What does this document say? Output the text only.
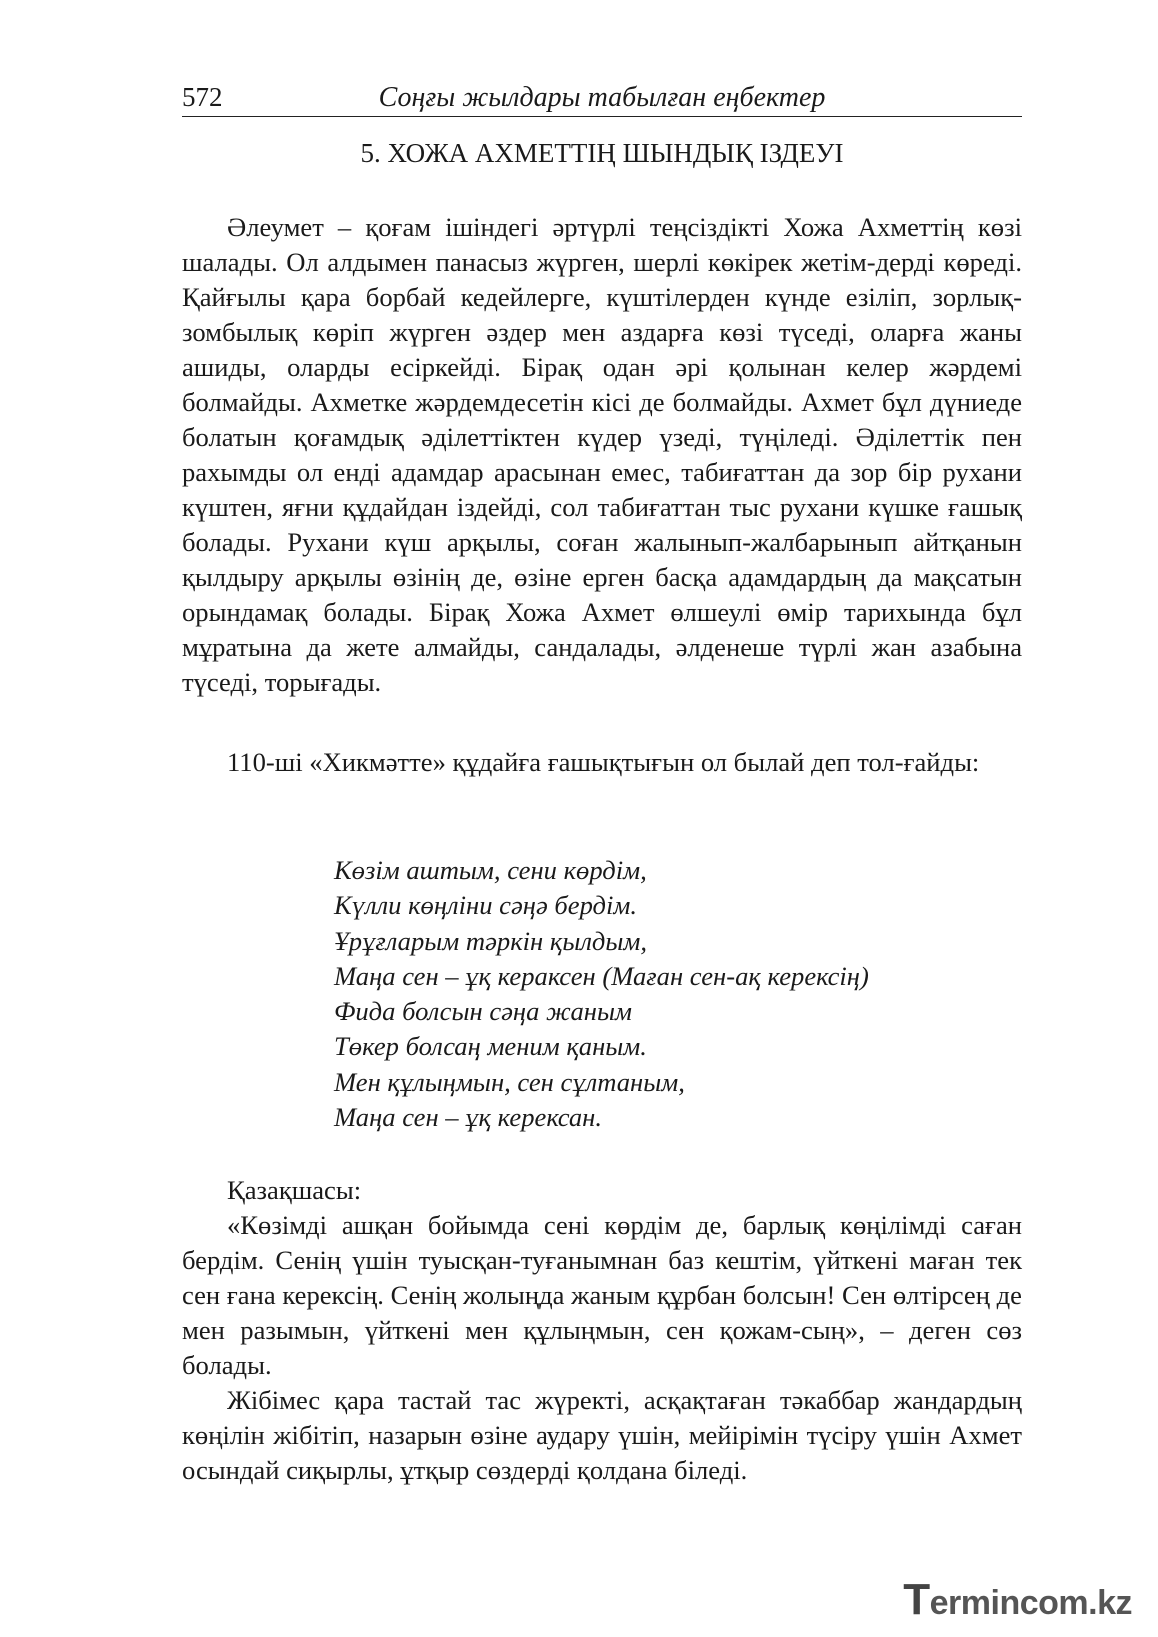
572	Соңғы жылдары табылған еңбектер
5. ХОЖА АХМЕТТІҢ ШЫНДЫҚ ІЗДЕУІ

Әлеумет – қоғам ішіндегі әртүрлі теңсіздікті Хожа Ахметтің көзі шалады. Ол алдымен панасыз жүрген, шерлі көкірек жетім-дерді көреді. Қайғылы қара борбай кедейлерге, күштілерден күнде езіліп, зорлық-зомбылық көріп жүрген әздер мен аздарға көзі түседі, оларға жаны ашиды, оларды есіркейді. Бірақ одан әрі қолынан келер жәрдемі болмайды. Ахметке жәрдемдесетін кісі де болмайды. Ахмет бұл дүниеде болатын қоғамдық әділеттіктен күдер үзеді, түңіледі. Әділеттік пен рахымды ол енді адамдар арасынан емес, табиғаттан да зор бір рухани күштен, яғни құдайдан іздейді, сол табиғаттан тыс рухани күшке ғашық болады. Рухани күш арқылы, соған жалынып-жалбарынып айтқанын қылдыру арқылы өзінің де, өзіне ерген басқа адамдардың да мақсатын орындамақ болады. Бірақ Хожа Ахмет өлшеулі өмір тарихында бұл мұратына да жете алмайды, сандалады, әлденеше түрлі жан азабына түседі, торығады.

110-ші «Хикмәтте» құдайға ғашықтығын ол былай деп тол-ғайды:

Көзім аштым, сени көрдім,
Күлли көңліни сәңә бердім.
Ұрұғларым тәркін қылдым,
Маңа сен – ұқ кераксен (Маған сен-ақ керексің)
Фида болсын сәңа жаным
Төкер болсаң меним қаным.
Мен құлыңмын, сен сұлтаным,
Маңа сен – ұқ керексан.

Қазақшасы:

«Көзімді ашқан бойымда сені көрдім де, барлық көңілімді саған бердім. Сенің үшін туысқан-туғанымнан баз кештім, үйткені маған тек сен ғана керексің. Сенің жолыңда жаным құрбан болсын! Сен өлтірсең де мен разымын, үйткені мен құлыңмын, сен қожам-сың», – деген сөз болады.

Жібімес қара тастай тас жүректі, асқақтаған тәкаббар жандардың көңілін жібітіп, назарын өзіне аудару үшін, мейірімін түсіру үшін Ахмет осындай сиқырлы, ұтқыр сөздерді қолдана біледі.

Termincom.kz
